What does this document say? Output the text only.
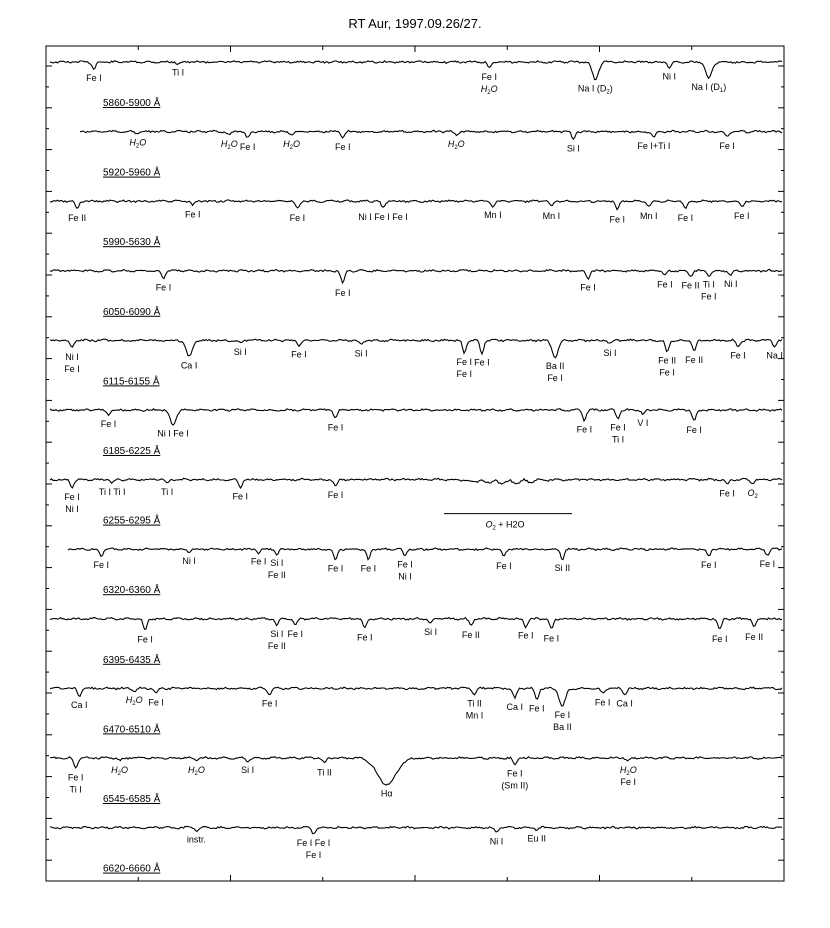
RT Aur, 1997.09.26/27.
5860-5900 Å
Fe I
Ti I	Fe I
$H_2O$	Na I $(D_2)$
Ni I
Na I $(D_1)$
5920-5960 Å
$H_2O$	$H_2O$ Fe I	$H_2O$	Fe I	$H_2O$	Si I	Fe I+Ti I	Fe I
5990-5630 Å
Fe II	Fe I	Fe I	Ni I Fe I Fe I	Mn I	Mn I	Fe I Mn I Fe I	Fe I
6050-6090 Å
Fe I
Fe I
Fe I	Fe I Fe II Ti I
Fe I
Ni I
6115-6155 Å
Ni I
Fe I	Ca I
Si I	Fe I	Si I
Fe I
Fe I
Fe I	Ba II
Fe I
Si I
Fe II
Fe I
Fe II	Fe I Na I
6185-6225 Å
Fe I
Ni I Fe I
Fe I	Fe I Fe I
Ti I
V I
Fe I
6255-6295 Å
Fe I
Ni I
Ti I Ti I	Ti I	Fe I	Fe I	Fe I $O_2$
$O_2 + H2O$
6320-6360 Å
Fe I	Ni I	Fe I Si I
Fe II
Fe I Fe I Fe I
Ni I
Fe I	Si II	Fe I	Fe I
6395-6435 Å
Fe I
Si I
Fe II
Fe I	Fe I
Si I	Fe II	Fe I Fe I	Fe I Fe II
6470-6510 Å
Ca I	$H_2O$ Fe I	Fe I	Ti II
Mn I
Ca I Fe I
Fe I
Ba II
Fe I Ca I
6545-6585 Å
Fe I
Ti I
$H_2O$	$H_2O$	Si I	Ti II
Hα
Fe I
(Sm II)
$H_2O$
Fe I
6620-6660 Å
instr.	Fe I Fe I
Fe I
Ni I	Eu II
